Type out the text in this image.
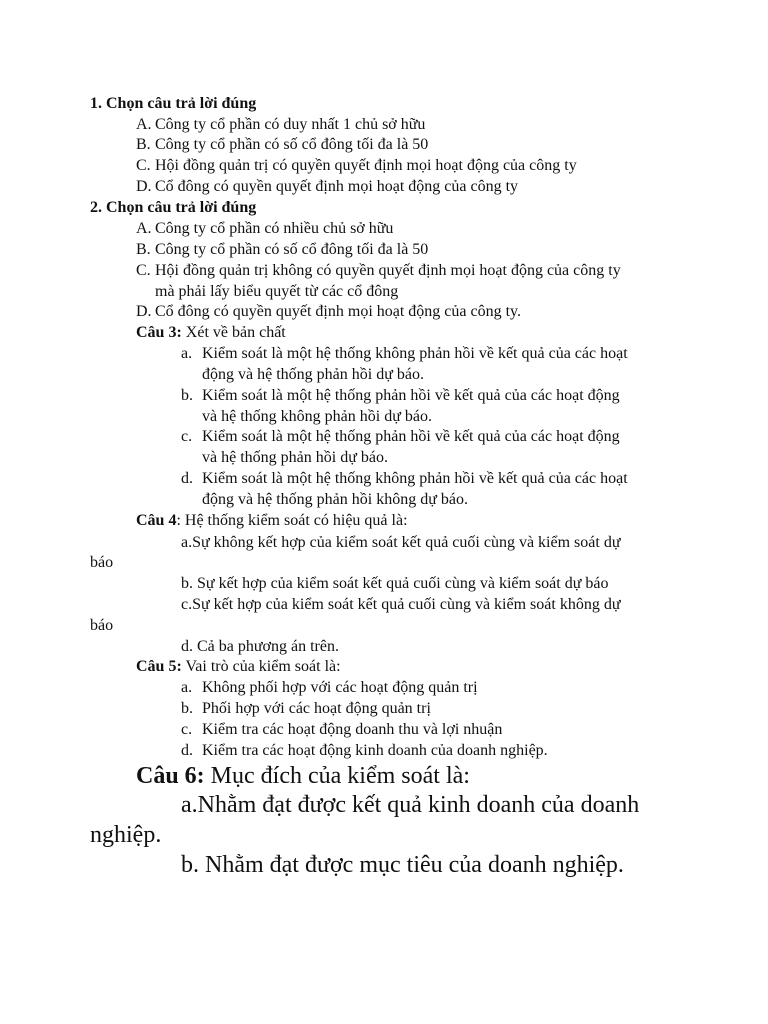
1. Chọn câu trả lời đúng
A. Công ty cổ phần có duy nhất 1 chủ sở hữu
B. Công ty cổ phần có số cổ đông tối đa là 50
C. Hội đồng quản trị có quyền quyết định mọi hoạt động của công ty
D. Cổ đông có quyền quyết định mọi hoạt động của công ty
2. Chọn câu trả lời đúng
A. Công ty cổ phần có nhiều chủ sở hữu
B. Công ty cổ phần có số cổ đông tối đa là 50
C. Hội đồng quản trị không có quyền quyết định mọi hoạt động của công ty
mà phải lấy biểu quyết từ các cổ đông
D. Cổ đông có quyền quyết định mọi hoạt động của công ty.
Câu 3: Xét về bản chất
a. Kiểm soát là một hệ thống không phản hồi về kết quả của các hoạt
động và hệ thống phản hồi dự báo.
b. Kiểm soát là một hệ thống phản hồi về kết quả của các hoạt động
và hệ thống không phản hồi dự báo.
c. Kiểm soát là một hệ thống phản hồi về kết quả của các hoạt động
và hệ thống phản hồi dự báo.
d. Kiểm soát là một hệ thống không phản hồi về kết quả của các hoạt
động và hệ thống phản hồi không dự báo.
Câu 4: Hệ thống kiểm soát có hiệu quả là:
a.Sự không kết hợp của kiểm soát kết quả cuối cùng và kiểm soát dự
báo
b. Sự kết hợp của kiểm soát kết quả cuối cùng và kiểm soát dự báo
c.Sự kết hợp của kiểm soát kết quả cuối cùng và kiểm soát không dự
báo
d. Cả ba phương án trên.
Câu 5: Vai trò của kiểm soát là:
a. Không phối hợp với các hoạt động quản trị
b. Phối hợp với các hoạt động quản trị
c. Kiểm tra các hoạt động doanh thu và lợi nhuận
d. Kiểm tra các hoạt động kinh doanh của doanh nghiệp.
Câu 6: Mục đích của kiểm soát là:
a.Nhằm đạt được kết quả kinh doanh của doanh
nghiệp.
b. Nhằm đạt được mục tiêu của doanh nghiệp.
